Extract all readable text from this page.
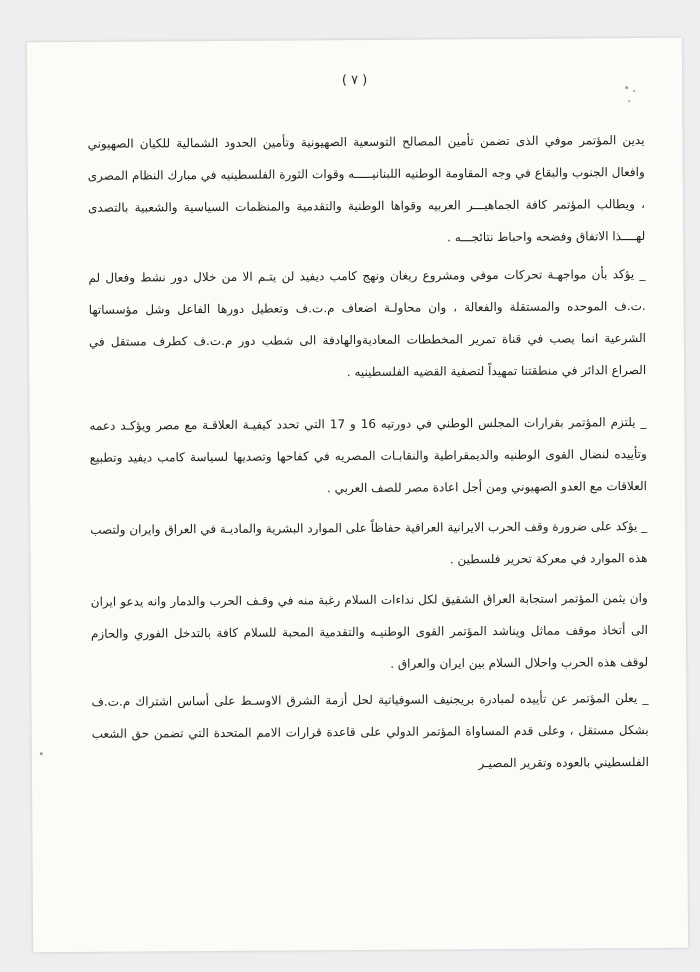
( ٧ )

يدين المؤتمر موفي الذى تضمن تأمين المصالح التوسعية الصهيونية وتأمين الحدود الشمالية للكيان الصهيوني وافعال الجنوب والبقاع في وجه المقاومة الوطنيه اللبنانيـــــه وقوات الثورة الفلسطينيه في مبارك النظام المصرى ، ويطالب المؤتمر كافة الجماهيـــر العربيه وقواها الوطنية والتقدمية والمنظمات السياسية والشعبية بالتصدى لهــــذا الاتفاق وفضحه واحباط نتائجـــه .

_ يؤكد بأن مواجهـة تحركات موفي ومشروع ريغان ونهج كامب ديفيد لن يتـم الا من خلال دور نشط وفعال لم .ت.ف الموحده والمستقلة والفعالة ، وان محاولـة اضعاف م.ت.ف وتعطيل دورها الفاعل وشل مؤسساتها الشرعية انما يصب في قناة تمرير المخططات المعاديةوالهادفة الى شطب دور م.ت.ف كطرف مستقل في الصراع الدائر في منطقتنا تمهيداً لتصفية القضيه الفلسطينيه .

_ يلتزم المؤتمر بقرارات المجلس الوطني في دورتيه 16 و 17 التي تحدد كيفيـة العلاقـة مع مصر ويؤكـد دعمه وتأييده لنضال القوى الوطنيه والديمقراطية والنقابـات المصريه في كفاحها وتصديها لسياسة كامب ديفيد وتطبيع العلاقات مع العدو الصهيوني ومن أجل اعادة مصر للصف العربي .

_ يؤكد على ضرورة وقف الحرب الايرانية العراقية حفاظاً على الموارد البشرية والماديـة في العراق وايران ولتصب هذه الموارد في معركة تحرير فلسطين .

وان يثمن المؤتمر استجابة العراق الشقيق لكل نداءات السلام رغبة منه في وقـف الحرب والدمار وانه يدعو ايران الى أتخاذ موقف مماثل ويناشد المؤتمر القوى الوطنيـه والتقدمية المحبة للسلام كافة بالتدخل الفوري والحازم لوقف هذه الحرب واحلال السلام بين ايران والعراق .

_ يعلن المؤتمر عن تأييده لمبادرة بريجنيف السوفياتية لحل أزمة الشرق الاوسـط على أساس اشتراك م.ت.ف بشكل مستقل ، وعلى قدم المساواة المؤتمر الدولي على قاعدة قرارات الامم المتحدة التي تضمن حق الشعب الفلسطيني بالعوده وتقرير المصيـر
